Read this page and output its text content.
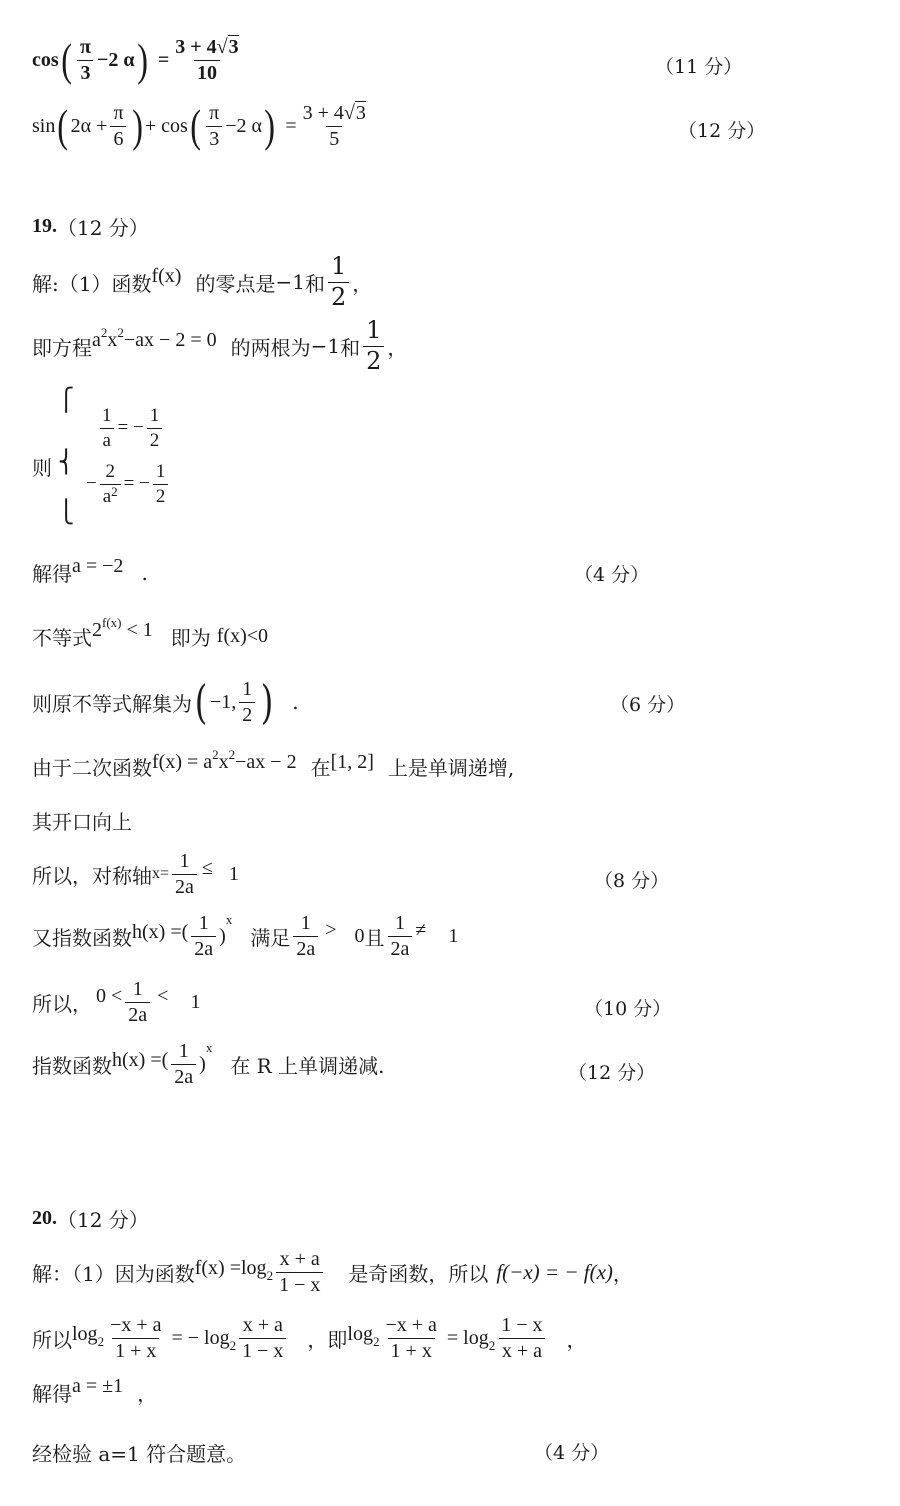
cos ( $\frac{\pi}{3} -2$ α ) = $\frac{3 + 4√3}{10}$	（11 分）
sin ( $2\alpha + \frac{\pi}{6}$ ) + cos ( $\frac{\pi}{3} -2$ α ) = $\frac{3 + 4√3}{5}$	（12 分）
19. （12 分）
解:（1）函数 f(x) 的零点是 −1 和 $\frac{1}{2}$ ，
即方程 $a^2x^2-ax - 2 = 0$ 的两根为 −1 和 $\frac{1}{2}$ ，
⎧
⎨
⎩
则
$\frac{1}{a}$ = − $\frac{1}{2}$
− $\frac{2}{a^2}$ = − $\frac{1}{2}$
解得 a = −2 .	（4 分）
不等式 $2^{f(x)} < 1$ 即为 f(x)<0
则原不等式解集为 ( −1, $\frac{1}{2}$ ) .	（6 分）
由于二次函数 $f(x) = a^2x^2-ax - 2$ 在 [1, 2] 上是单调递增,
其开口向上
所以，对称轴 $x= \frac{1}{2a} \le 1$	（8 分）
又指数函数 h(x) =( $\frac{1}{2a}$ )
x
满足 $\frac{1}{2a} > 0$ 且 $\frac{1}{2a} \ne 1$
所以， $0 < \frac{1}{2a} < 1$	（10 分）
指数函数 h(x) =( $\frac{1}{2a}$ )
x
在 R 上单调递减.	（12 分）
20. （12 分）
解：（1）因为函数 $f(x) =\log_2 \frac{x + a}{1 - x}$ 是奇函数，所以 f(−x) = − f(x) ，
所以 $\log_2 \frac{-x + a}{1 + x}$ = − $\log_2 \frac{x + a}{1 - x}$ ，即 $\log_2 \frac{-x + a}{1 + x} = \log_2 \frac{1 - x}{x + a}$ ，
解得 a = ±1 ，
经检验 a=1 符合题意。	（4 分）
